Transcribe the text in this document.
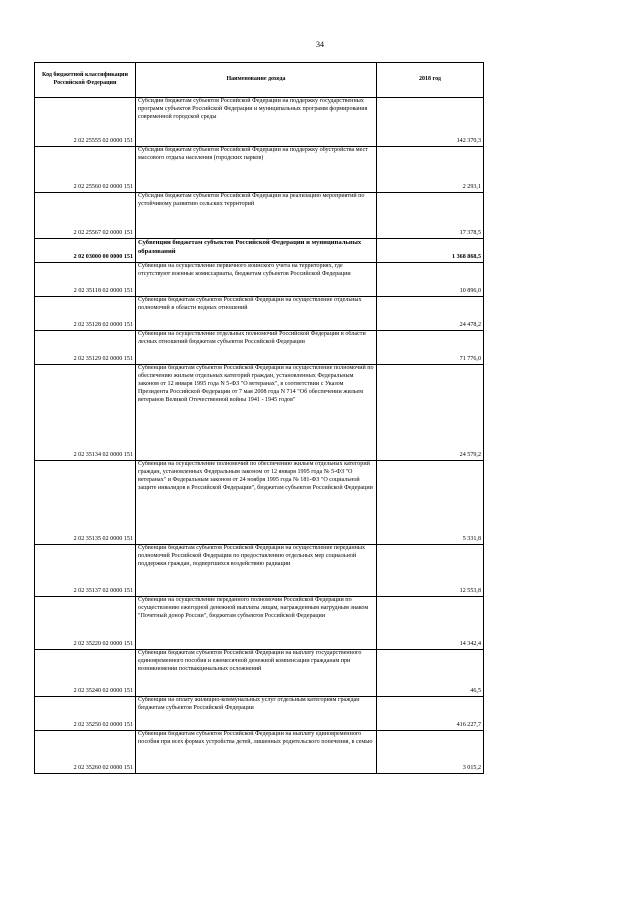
34
Код бюджетной классификации Российской Федерации	Наименование дохода	2018 год
2 02 25555 02 0000 151	Субсидии бюджетам субъектов Российской Федерации на поддержку государственных программ субъектов Российской Федерации и муниципальных программ формирования современной городской среды	142 370,3
2 02 25560 02 0000 151	Субсидии бюджетам субъектов Российской Федерации на поддержку обустройства мест массового отдыха населения (городских парков)	2 293,1
2 02 25567 02 0000 151	Субсидии бюджетам субъектов Российской Федерации на реализацию мероприятий по устойчивому развитию сельских территорий	17 378,5
2 02 03000 00 0000 151	Субвенции бюджетам субъектов Российской Федерации и муниципальных образований	1 368 868,5
2 02 35118 02 0000 151	Субвенции на осуществление первичного воинского учета на территориях, где отсутствуют военные комиссариаты, бюджетам субъектов Российской Федерации	10 896,0
2 02 35128 02 0000 151	Субвенции бюджетам субъектов Российской Федерации на осуществление отдельных полномочий в области водных отношений	24 478,2
2 02 35129 02 0000 151	Субвенции на осуществление отдельных полномочий Российской Федерации в области лесных отношений бюджетам субъектов Российской Федерации	71 776,0
2 02 35134 02 0000 151	Субвенции бюджетам субъектов Российской Федерации на осуществление полномочий по обеспечению жильем отдельных категорий граждан, установленных Федеральным законом от 12 января 1995 года N 5-ФЗ "О ветеранах", в соответствии с Указом Президента Российской Федерации от 7 мая 2008 года N 714 "Об обеспечении жильем ветеранов Великой Отечественной войны 1941 - 1945 годов"	24 579,2
2 02 35135 02 0000 151	Субвенции на осуществление полномочий по обеспечению жильем отдельных категорий граждан, установленных Федеральным законом от 12 января 1995 года № 5-ФЗ "О ветеранах" и Федеральным законом от 24 ноября 1995 года № 181-ФЗ "О социальной защите инвалидов в Российской Федерации", бюджетам субъектов Российской Федерации	5 331,8
2 02 35137 02 0000 151	Субвенции бюджетам субъектов Российской Федерации на осуществление переданных полномочий Российской Федерации по предоставлению отдельных мер социальной поддержки граждан, подвергшихся воздействию радиации	12 553,8
2 02 35220 02 0000 151	Субвенции на осуществление переданного полномочия Российской Федерации по осуществлению ежегодной денежной выплаты лицам, награжденным нагрудным знаком "Почетный донор России", бюджетам субъектов Российской Федерации	14 342,4
2 02 35240 02 0000 151	Субвенции бюджетам субъектов Российской Федерации на выплату государственного единовременного пособия и ежемесячной денежной компенсации гражданам при возникновении поствакцинальных осложнений	46,5
2 02 35250 02 0000 151	Субвенции на оплату жилищно-коммунальных услуг отдельным категориям граждан бюджетам субъектов Российской Федерации	416 227,7
2 02 35260 02 0000 151	Субвенции бюджетам субъектов Российской Федерации на выплату единовременного пособия при всех формах устройства детей, лишенных родительского попечения, в семью	3 015,2
